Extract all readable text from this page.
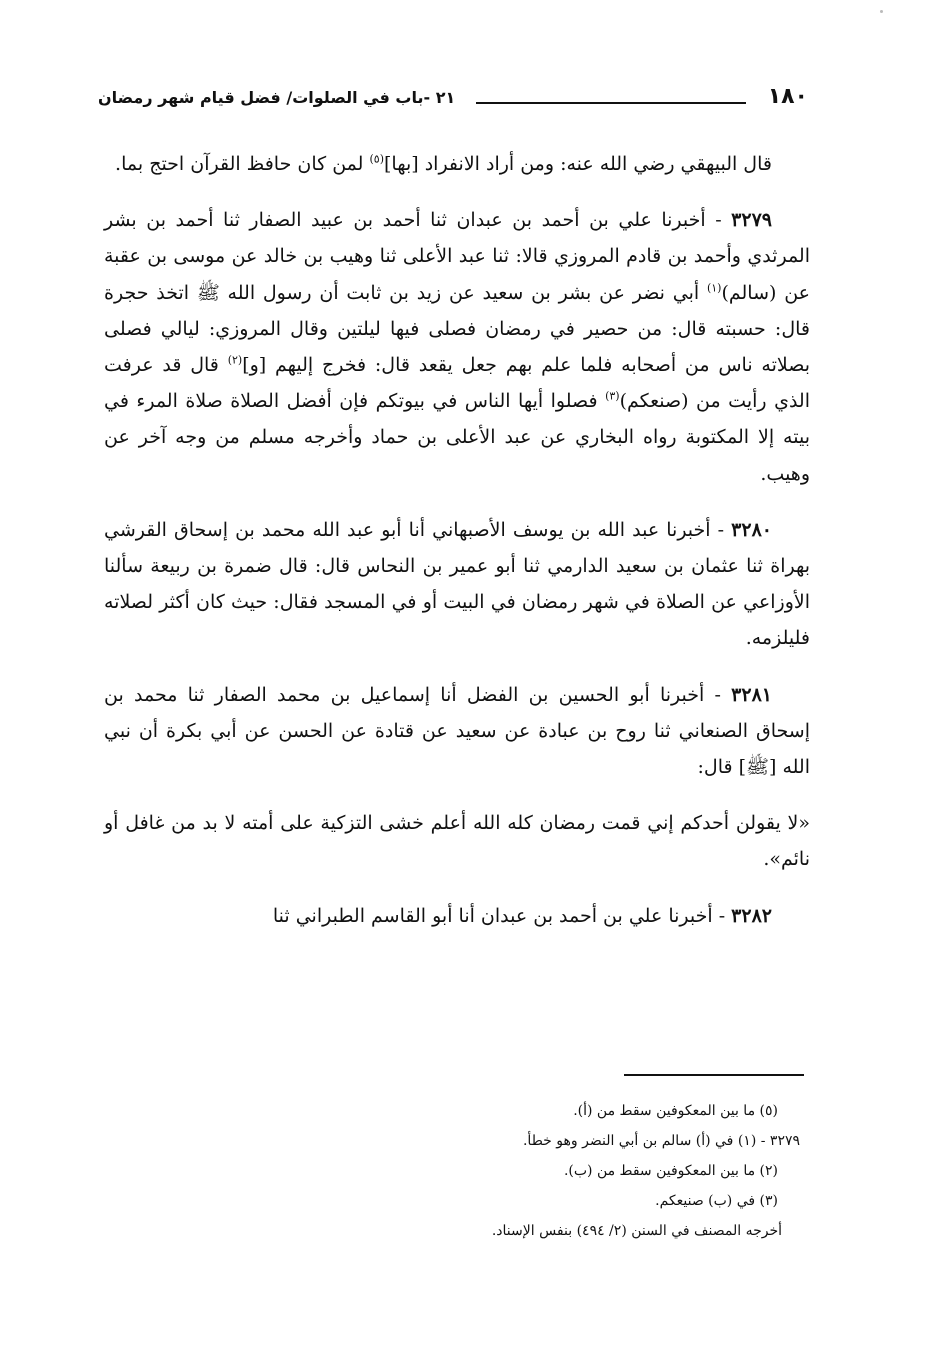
١٨٠
٢١ -باب في الصلوات/ فضل قيام شهر رمضان

قال البيهقي رضي الله عنه: ومن أراد الانفراد [بها]$^{(٥)}$ لمن كان حافظ القرآن احتج بما.

٣٢٧٩ - أخبرنا علي بن أحمد بن عبدان ثنا أحمد بن عبيد الصفار ثنا أحمد بن بشر المرثدي وأحمد بن قادم المروزي قالا: ثنا عبد الأعلى ثنا وهيب بن خالد عن موسى بن عقبة عن (سالم)$^{(١)}$ أبي نضر عن بشر بن سعيد عن زيد بن ثابت أن رسول الله ﷺ اتخذ حجرة قال: حسبته قال: من حصير في رمضان فصلى فيها ليلتين وقال المروزي: ليالي فصلى بصلاته ناس من أصحابه فلما علم بهم جعل يقعد قال: فخرج إليهم [و]$^{(٢)}$ قال قد عرفت الذي رأيت من (صنعكم)$^{(٣)}$ فصلوا أيها الناس في بيوتكم فإن أفضل الصلاة صلاة المرء في بيته إلا المكتوبة رواه البخاري عن عبد الأعلى بن حماد وأخرجه مسلم من وجه آخر عن وهيب.

٣٢٨٠ - أخبرنا عبد الله بن يوسف الأصبهاني أنا أبو عبد الله محمد بن إسحاق القرشي بهراة ثنا عثمان بن سعيد الدارمي ثنا أبو عمير بن النحاس قال: قال ضمرة بن ربيعة سألنا الأوزاعي عن الصلاة في شهر رمضان في البيت أو في المسجد فقال: حيث كان أكثر لصلاته فليلزمه.

٣٢٨١ - أخبرنا أبو الحسين بن الفضل أنا إسماعيل بن محمد الصفار ثنا محمد بن إسحاق الصنعاني ثنا روح بن عبادة عن سعيد عن قتادة عن الحسن عن أبي بكرة أن نبي الله [ﷺ] قال:

«لا يقولن أحدكم إني قمت رمضان كله الله أعلم خشى التزكية على أمته لا بد من غافل أو نائم».

٣٢٨٢ - أخبرنا علي بن أحمد بن عبدان أنا أبو القاسم الطبراني ثنا

(٥) ما بين المعكوفين سقط من (أ).

٣٢٧٩ - (١) في (أ) سالم بن أبي النضر وهو خطأ.

(٢) ما بين المعكوفين سقط من (ب).

(٣) في (ب) صنيعكم.

أخرجه المصنف في السنن (٢/ ٤٩٤) بنفس الإسناد.
